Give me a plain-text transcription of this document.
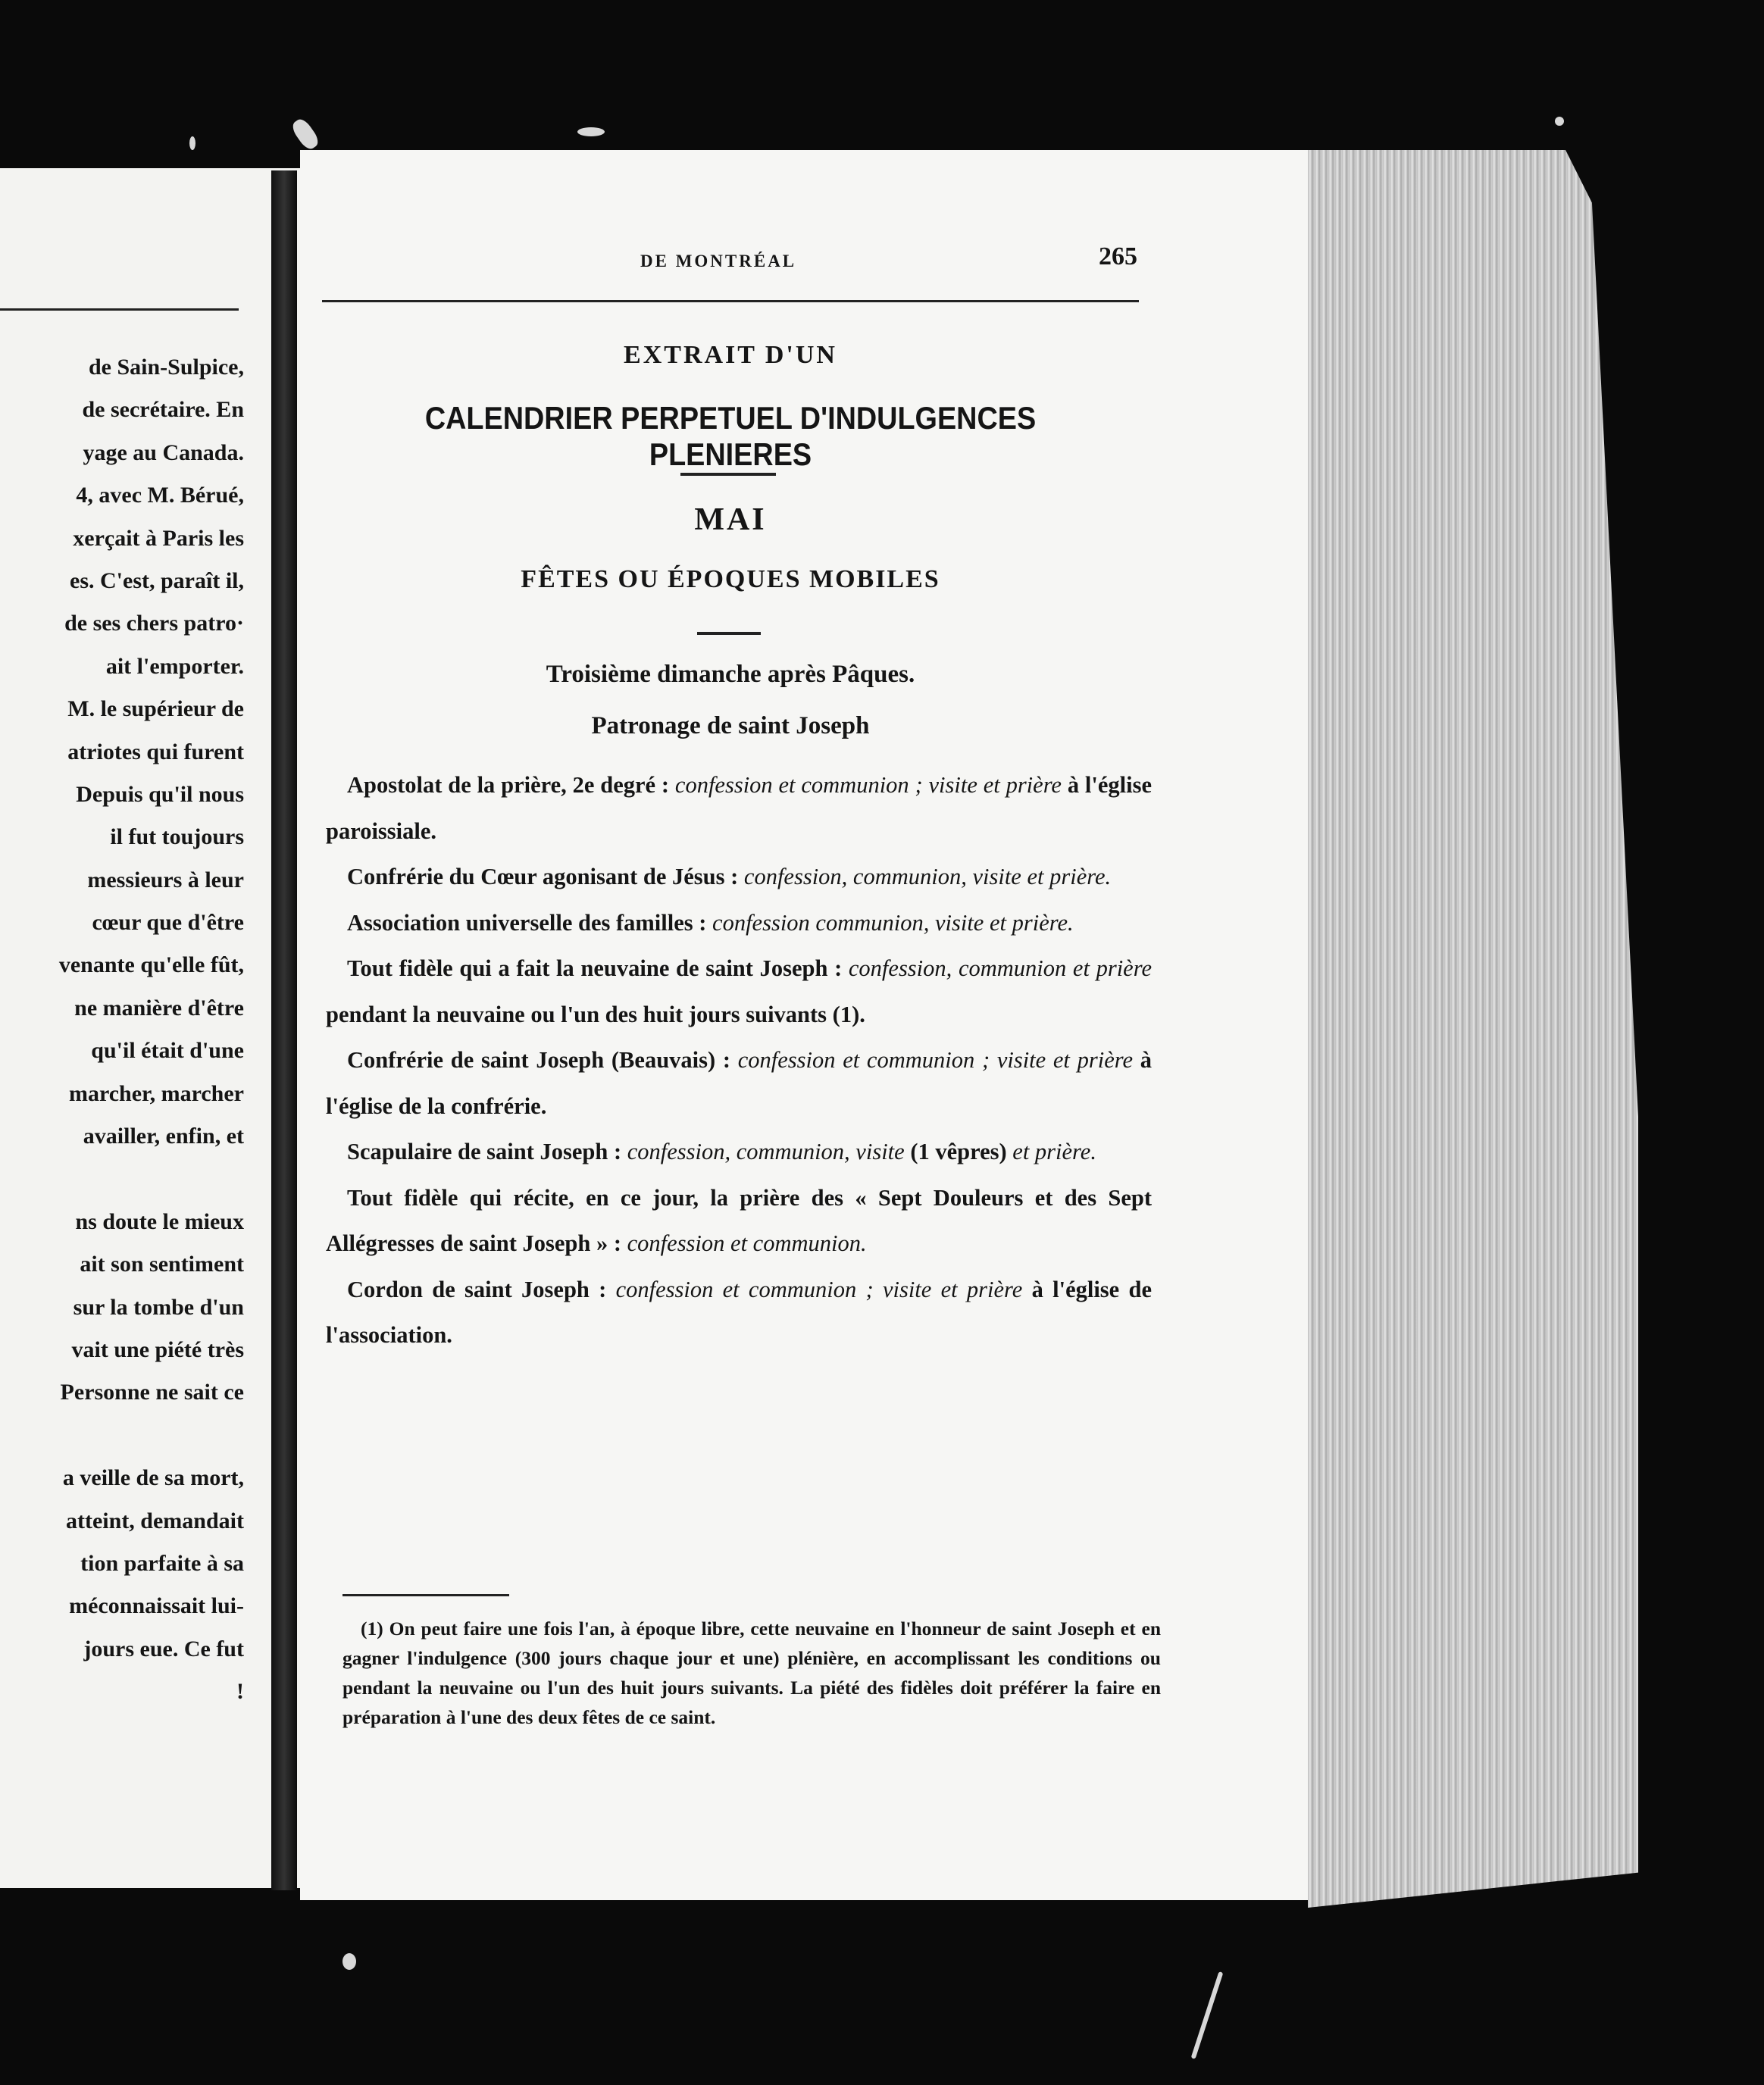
de Sain-Sulpice,
de secrétaire. En
yage au Canada.
4, avec M. Bérué,
xerçait à Paris les
es. C'est, paraît il,
de ses chers patro·
ait l'emporter.
M. le supérieur de
atriotes qui furent
Depuis qu'il nous
il fut toujours
messieurs à leur
cœur que d'être
venante qu'elle fût,
ne manière d'être
qu'il était d'une
marcher, marcher
availler, enfin, et
ns doute le mieux
ait son sentiment
sur la tombe d'un
vait une piété très
Personne ne sait ce
a veille de sa mort,
atteint, demandait
tion parfaite à sa
méconnaissait lui-
jours eue. Ce fut
!
DE MONTRÉAL	265
EXTRAIT D'UN
CALENDRIER PERPETUEL D'INDULGENCES PLENIERES
MAI
FÊTES OU ÉPOQUES MOBILES
Troisième dimanche après Pâques.
Patronage de saint Joseph

Apostolat de la prière, 2e degré : confession et communion ; visite et prière à l'église paroissiale.

Confrérie du Cœur agonisant de Jésus : confession, communion, visite et prière.

Association universelle des familles : confession communion, visite et prière.

Tout fidèle qui a fait la neuvaine de saint Joseph : confession, communion et prière pendant la neuvaine ou l'un des huit jours suivants (1).

Confrérie de saint Joseph (Beauvais) : confession et communion ; visite et prière à l'église de la confrérie.

Scapulaire de saint Joseph : confession, communion, visite (1 vêpres) et prière.

Tout fidèle qui récite, en ce jour, la prière des « Sept Douleurs et des Sept Allégresses de saint Joseph » : confession et communion.

Cordon de saint Joseph : confession et communion ; visite et prière à l'église de l'association.

(1) On peut faire une fois l'an, à époque libre, cette neuvaine en l'honneur de saint Joseph et en gagner l'indulgence (300 jours chaque jour et une) plénière, en accomplissant les conditions ou pendant la neuvaine ou l'un des huit jours suivants. La piété des fidèles doit préférer la faire en préparation à l'une des deux fêtes de ce saint.
